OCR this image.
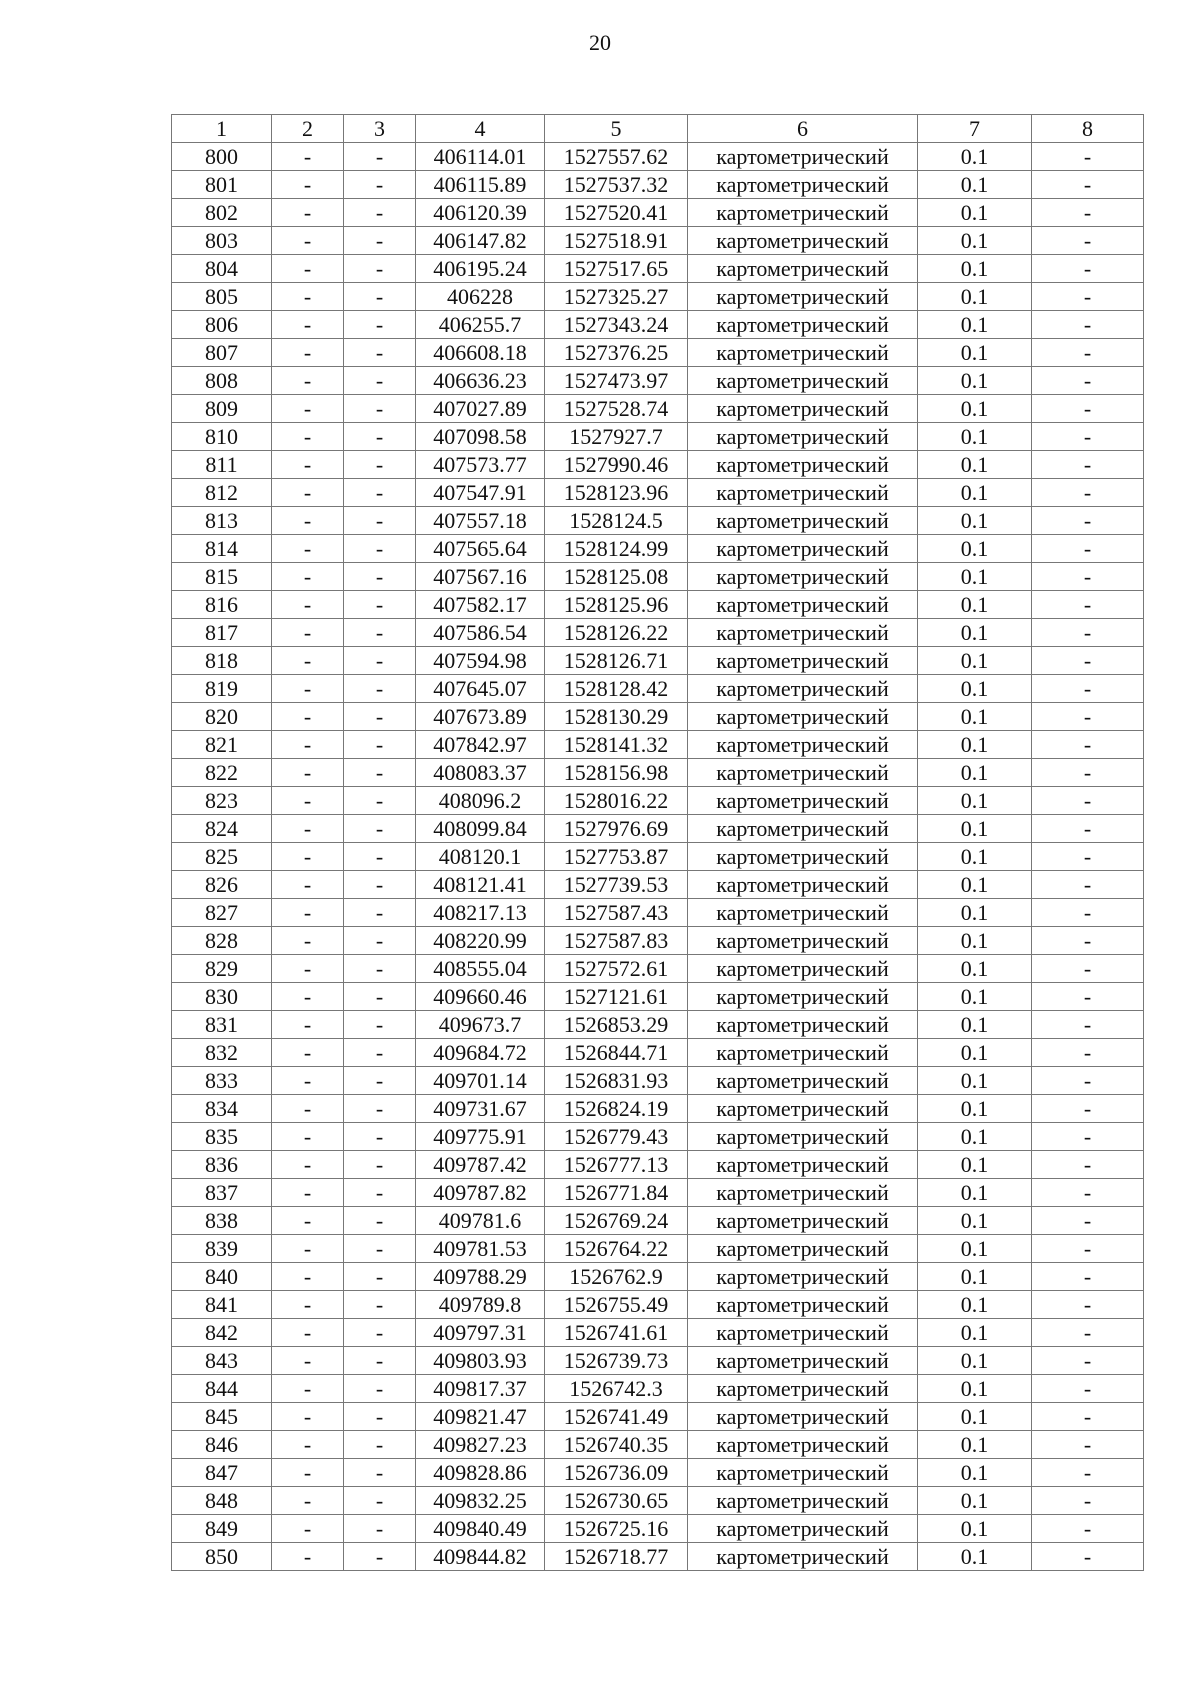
20
1	2	3	4	5	6	7	8
800	-	-	406114.01	1527557.62	картометрический	0.1	-
801	-	-	406115.89	1527537.32	картометрический	0.1	-
802	-	-	406120.39	1527520.41	картометрический	0.1	-
803	-	-	406147.82	1527518.91	картометрический	0.1	-
804	-	-	406195.24	1527517.65	картометрический	0.1	-
805	-	-	406228	1527325.27	картометрический	0.1	-
806	-	-	406255.7	1527343.24	картометрический	0.1	-
807	-	-	406608.18	1527376.25	картометрический	0.1	-
808	-	-	406636.23	1527473.97	картометрический	0.1	-
809	-	-	407027.89	1527528.74	картометрический	0.1	-
810	-	-	407098.58	1527927.7	картометрический	0.1	-
811	-	-	407573.77	1527990.46	картометрический	0.1	-
812	-	-	407547.91	1528123.96	картометрический	0.1	-
813	-	-	407557.18	1528124.5	картометрический	0.1	-
814	-	-	407565.64	1528124.99	картометрический	0.1	-
815	-	-	407567.16	1528125.08	картометрический	0.1	-
816	-	-	407582.17	1528125.96	картометрический	0.1	-
817	-	-	407586.54	1528126.22	картометрический	0.1	-
818	-	-	407594.98	1528126.71	картометрический	0.1	-
819	-	-	407645.07	1528128.42	картометрический	0.1	-
820	-	-	407673.89	1528130.29	картометрический	0.1	-
821	-	-	407842.97	1528141.32	картометрический	0.1	-
822	-	-	408083.37	1528156.98	картометрический	0.1	-
823	-	-	408096.2	1528016.22	картометрический	0.1	-
824	-	-	408099.84	1527976.69	картометрический	0.1	-
825	-	-	408120.1	1527753.87	картометрический	0.1	-
826	-	-	408121.41	1527739.53	картометрический	0.1	-
827	-	-	408217.13	1527587.43	картометрический	0.1	-
828	-	-	408220.99	1527587.83	картометрический	0.1	-
829	-	-	408555.04	1527572.61	картометрический	0.1	-
830	-	-	409660.46	1527121.61	картометрический	0.1	-
831	-	-	409673.7	1526853.29	картометрический	0.1	-
832	-	-	409684.72	1526844.71	картометрический	0.1	-
833	-	-	409701.14	1526831.93	картометрический	0.1	-
834	-	-	409731.67	1526824.19	картометрический	0.1	-
835	-	-	409775.91	1526779.43	картометрический	0.1	-
836	-	-	409787.42	1526777.13	картометрический	0.1	-
837	-	-	409787.82	1526771.84	картометрический	0.1	-
838	-	-	409781.6	1526769.24	картометрический	0.1	-
839	-	-	409781.53	1526764.22	картометрический	0.1	-
840	-	-	409788.29	1526762.9	картометрический	0.1	-
841	-	-	409789.8	1526755.49	картометрический	0.1	-
842	-	-	409797.31	1526741.61	картометрический	0.1	-
843	-	-	409803.93	1526739.73	картометрический	0.1	-
844	-	-	409817.37	1526742.3	картометрический	0.1	-
845	-	-	409821.47	1526741.49	картометрический	0.1	-
846	-	-	409827.23	1526740.35	картометрический	0.1	-
847	-	-	409828.86	1526736.09	картометрический	0.1	-
848	-	-	409832.25	1526730.65	картометрический	0.1	-
849	-	-	409840.49	1526725.16	картометрический	0.1	-
850	-	-	409844.82	1526718.77	картометрический	0.1	-
